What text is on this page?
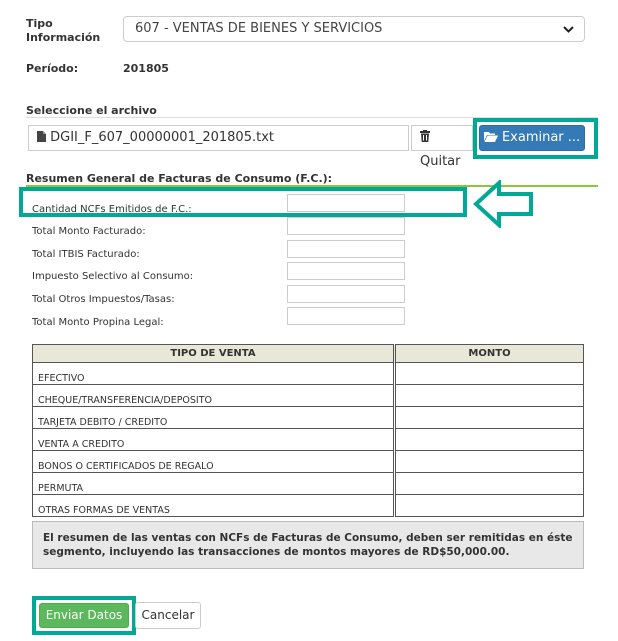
Tipo
Información
607 - VENTAS DE BIENES Y SERVICIOS
Período:	201805
Seleccione el archivo
DGII_F_607_00000001_201805.txt
Quitar
Examinar ...
Resumen General de Facturas de Consumo (F.C.):
Cantidad NCFs Emitidos de F.C.:
Total Monto Facturado:
Total ITBIS Facturado:
Impuesto Selectivo al Consumo:
Total Otros Impuestos/Tasas:
Total Monto Propina Legal:
TIPO DE VENTA	MONTO
EFECTIVO	
CHEQUE/TRANSFERENCIA/DEPOSITO	
TARJETA DEBITO / CREDITO	
VENTA A CREDITO	
BONOS O CERTIFICADOS DE REGALO	
PERMUTA	
OTRAS FORMAS DE VENTAS	
El resumen de las ventas con NCFs de Facturas de Consumo, deben ser remitidas en éste
segmento, incluyendo las transacciones de montos mayores de RD$50,000.00.
Enviar Datos	Cancelar
